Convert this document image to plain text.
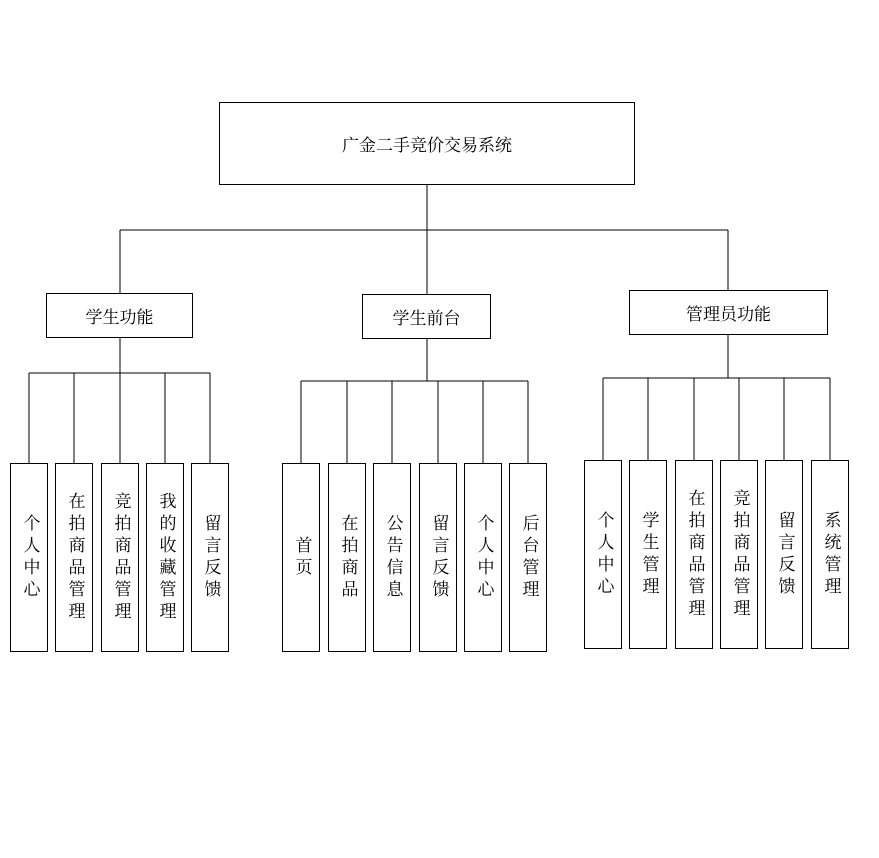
广金二手竞价交易系统
学生功能	学生前台	管理员功能
个人中心 在拍商品管理 竞拍商品管理 我的收藏管理 留言反馈	首页 在拍商品 公告信息 留言反馈 个人中心 后台管理	个人中心 学生管理 在拍商品管理 竞拍商品管理 留言反馈 系统管理
